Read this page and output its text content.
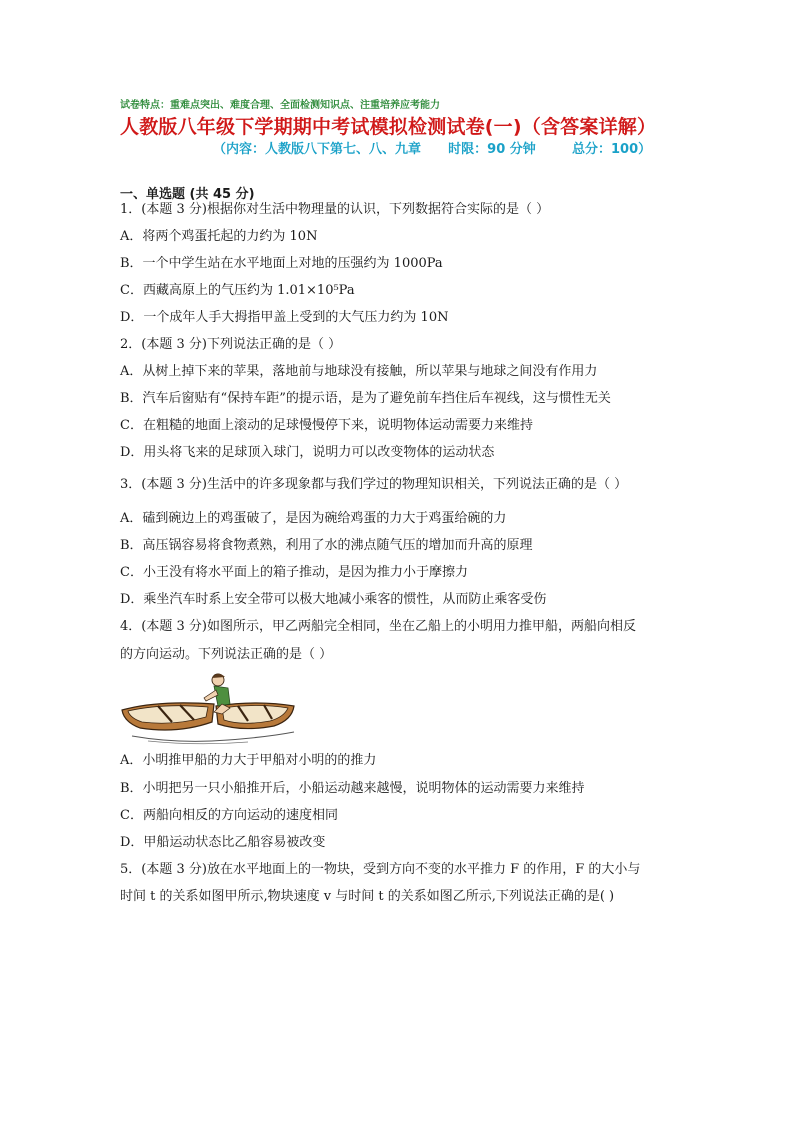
试卷特点：重难点突出、难度合理、全面检测知识点、注重培养应考能力
人教版八年级下学期期中考试模拟检测试卷(一)（含答案详解）
（内容：人教版八下第七、八、九章      时限：90 分钟        总分：100）
一、单选题 (共 45 分)
1．(本题 3 分)根据你对生活中物理量的认识，下列数据符合实际的是（ ）
A．将两个鸡蛋托起的力约为 10N
B．一个中学生站在水平地面上对地的压强约为 1000Pa
C．西藏高原上的气压约为 1.01×10⁵Pa
D．一个成年人手大拇指甲盖上受到的大气压力约为 10N
2．(本题 3 分)下列说法正确的是（ ）
A．从树上掉下来的苹果，落地前与地球没有接触，所以苹果与地球之间没有作用力
B．汽车后窗贴有“保持车距”的提示语，是为了避免前车挡住后车视线，这与惯性无关
C．在粗糙的地面上滚动的足球慢慢停下来，说明物体运动需要力来维持
D．用头将飞来的足球顶入球门，说明力可以改变物体的运动状态
3．(本题 3 分)生活中的许多现象都与我们学过的物理知识相关，下列说法正确的是（ ）
A．磕到碗边上的鸡蛋破了，是因为碗给鸡蛋的力大于鸡蛋给碗的力
B．高压锅容易将食物煮熟，利用了水的沸点随气压的增加而升高的原理
C．小王没有将水平面上的箱子推动，是因为推力小于摩擦力
D．乘坐汽车时系上安全带可以极大地减小乘客的惯性，从而防止乘客受伤
4．(本题 3 分)如图所示，甲乙两船完全相同，坐在乙船上的小明用力推甲船，两船向相反
的方向运动。下列说法正确的是（ ）
A．小明推甲船的力大于甲船对小明的的推力
B．小明把另一只小船推开后，小船运动越来越慢，说明物体的运动需要力来维持
C．两船向相反的方向运动的速度相同
D．甲船运动状态比乙船容易被改变
5．(本题 3 分)放在水平地面上的一物块，受到方向不变的水平推力 F 的作用，F 的大小与
时间 t 的关系如图甲所示,物块速度 v 与时间 t 的关系如图乙所示,下列说法正确的是( )
